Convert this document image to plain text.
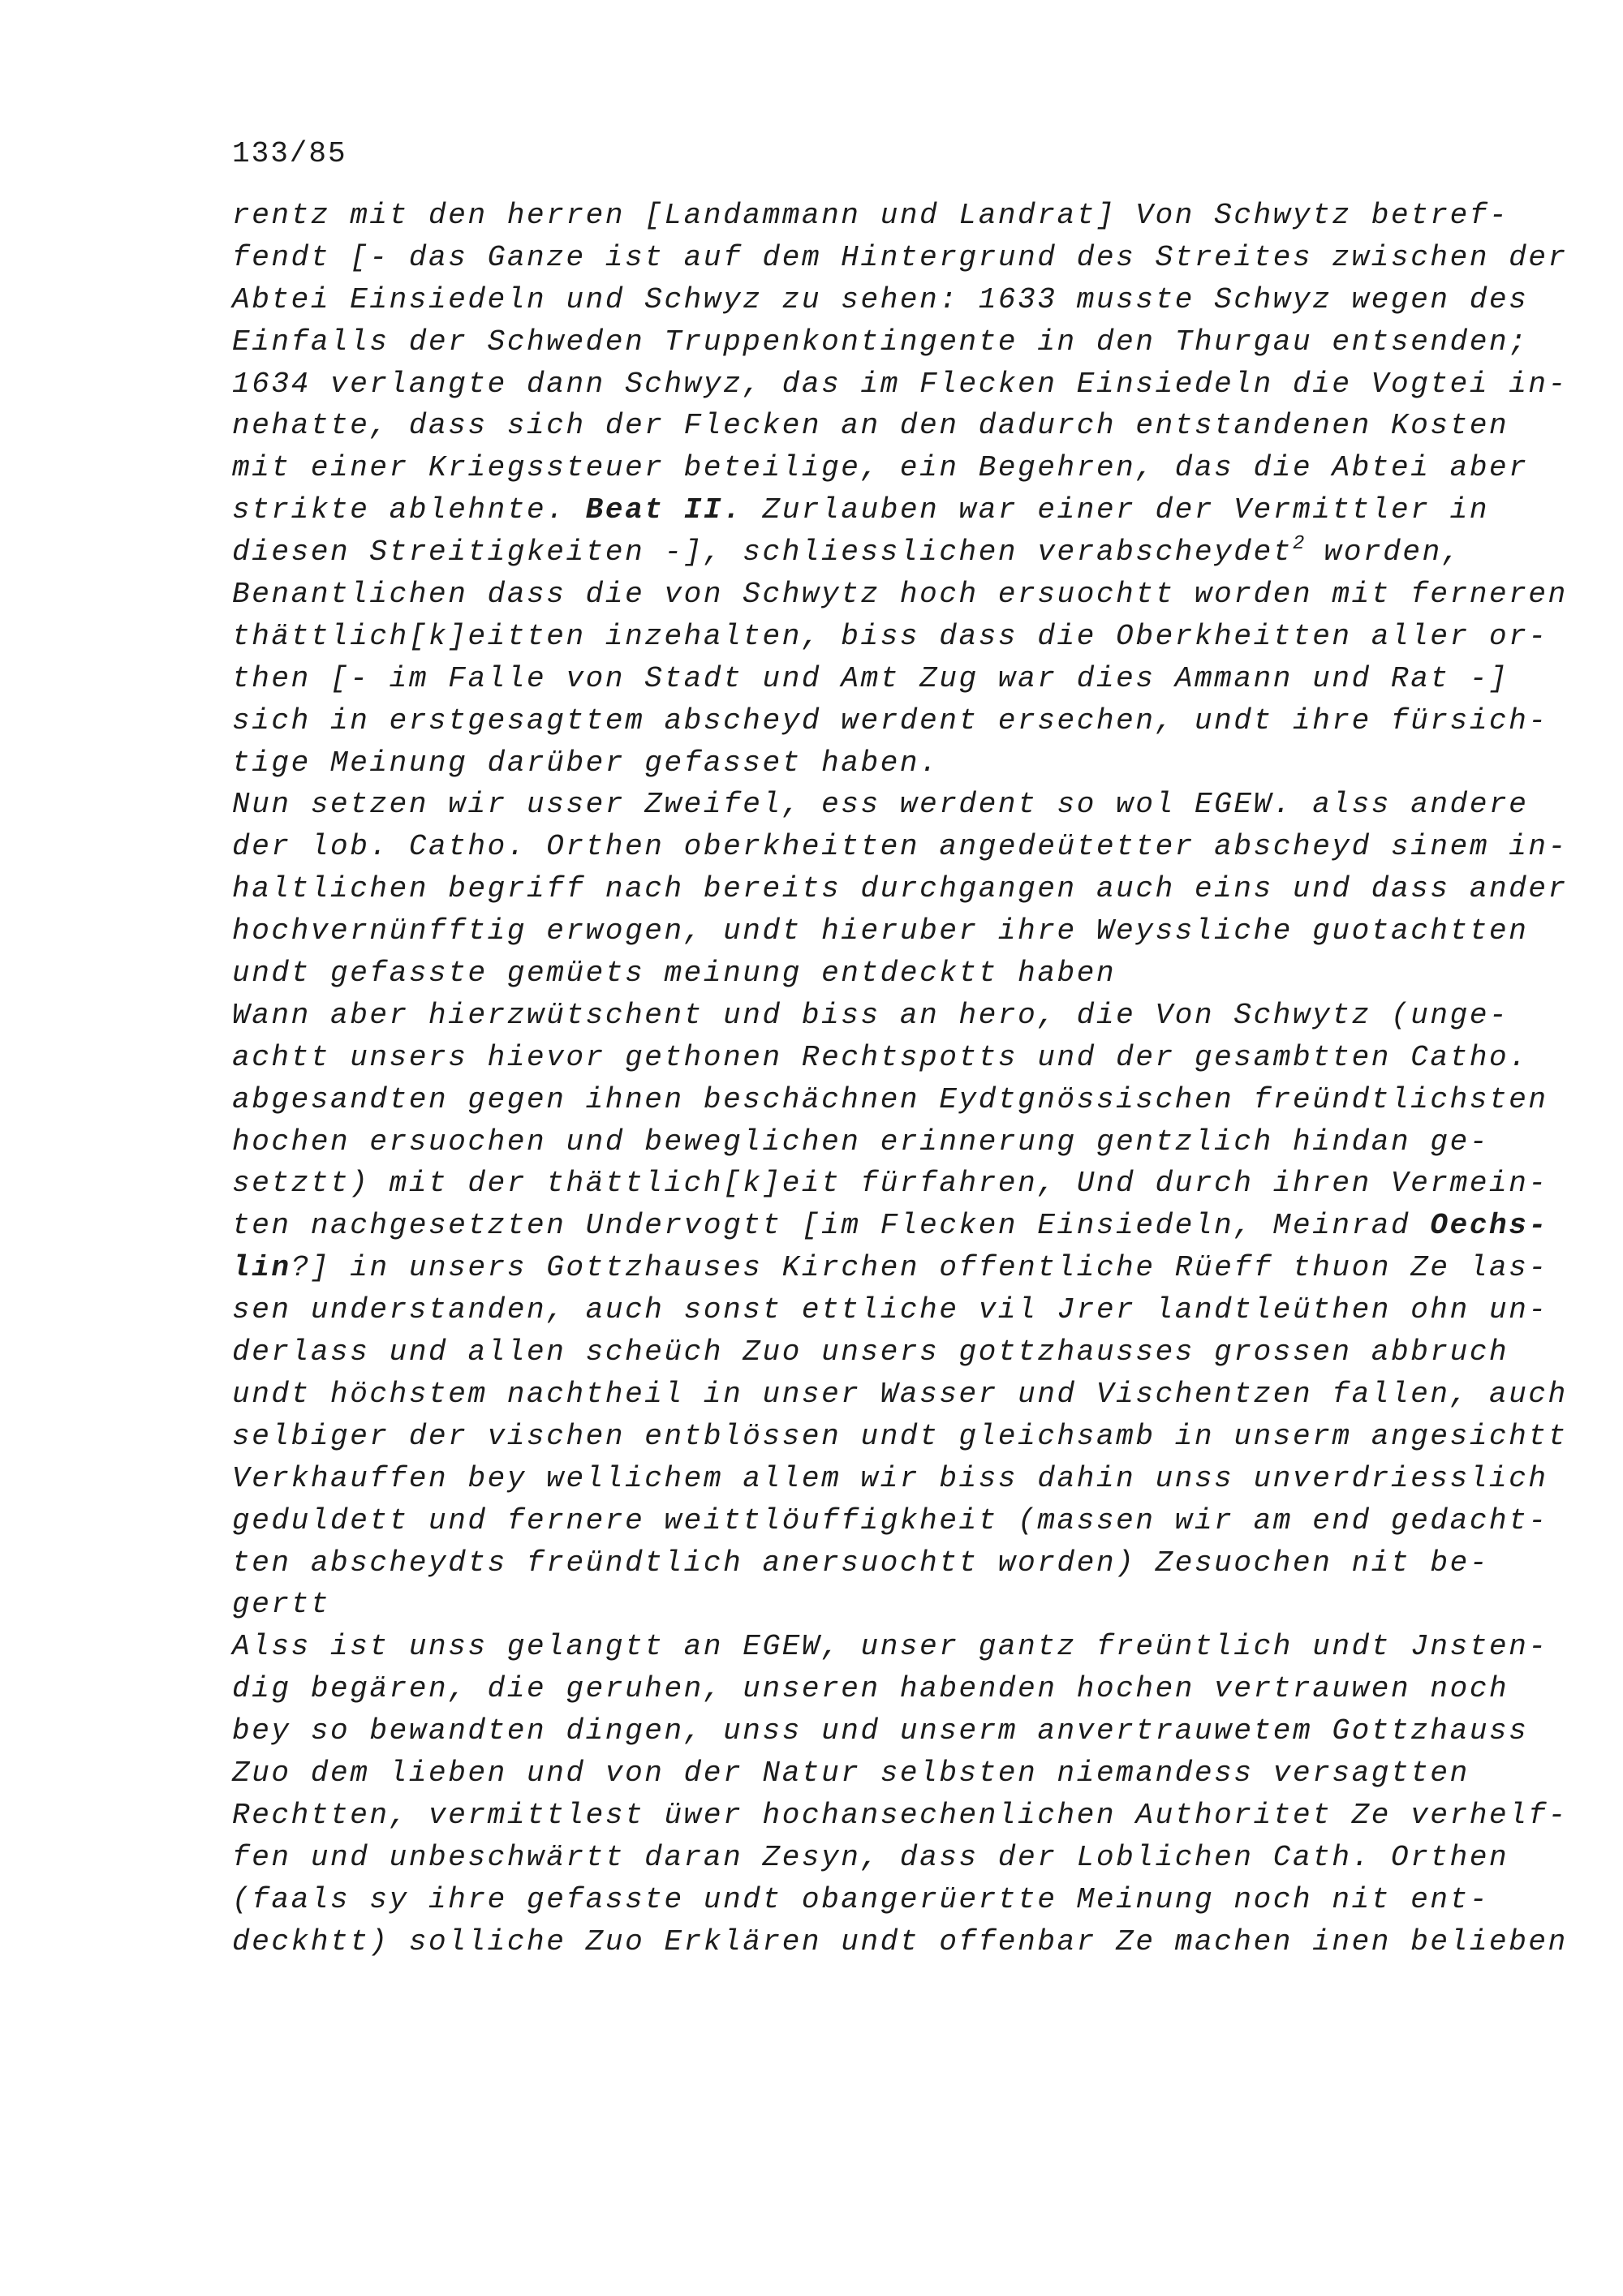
133/85
rentz mit den herren [Landammann und Landrat] Von Schwytz betref-
fendt [- das Ganze ist auf dem Hintergrund des Streites zwischen der
Abtei Einsiedeln und Schwyz zu sehen: 1633 musste Schwyz wegen des
Einfalls der Schweden Truppenkontingente in den Thurgau entsenden;
1634 verlangte dann Schwyz, das im Flecken Einsiedeln die Vogtei in-
nehatte, dass sich der Flecken an den dadurch entstandenen Kosten
mit einer Kriegssteuer beteilige, ein Begehren, das die Abtei aber
strikte ablehnte. Beat II. Zurlauben war einer der Vermittler in
diesen Streitigkeiten -], schliesslichen verabscheydet$^2$ worden,
Benantlichen dass die von Schwytz hoch ersuochtt worden mit ferneren
thättlich[k]eitten inzehalten, biss dass die Oberkheitten aller or-
then [- im Falle von Stadt und Amt Zug war dies Ammann und Rat -]
sich in erstgesagttem abscheyd werdent ersechen, undt ihre fürsich-
tige Meinung darüber gefasset haben.
Nun setzen wir usser Zweifel, ess werdent so wol EGEW. alss andere
der lob. Catho. Orthen oberkheitten angedeütetter abscheyd sinem in-
haltlichen begriff nach bereits durchgangen auch eins und dass ander
hochvernünfftig erwogen, undt hieruber ihre Weyssliche guotachtten
undt gefasste gemüets meinung entdecktt haben
Wann aber hierzwütschent und biss an hero, die Von Schwytz (unge-
achtt unsers hievor gethonen Rechtspotts und der gesambtten Catho.
abgesandten gegen ihnen beschächnen Eydtgnössischen freündtlichsten
hochen ersuochen und beweglichen erinnerung gentzlich hindan ge-
setztt) mit der thättlich[k]eit fürfahren, Und durch ihren Vermein-
ten nachgesetzten Undervogtt [im Flecken Einsiedeln, Meinrad Oechs-
lin?] in unsers Gottzhauses Kirchen offentliche Rüeff thuon Ze las-
sen understanden, auch sonst ettliche vil Jrer landtleüthen ohn un-
derlass und allen scheüch Zuo unsers gottzhausses grossen abbruch
undt höchstem nachtheil in unser Wasser und Vischentzen fallen, auch
selbiger der vischen entblössen undt gleichsamb in unserm angesichtt
Verkhauffen bey wellichem allem wir biss dahin unss unverdriesslich
geduldett und fernere weittlöuffigkheit (massen wir am end gedacht-
ten abscheydts freündtlich anersuochtt worden) Zesuochen nit be-
gertt
Alss ist unss gelangtt an EGEW, unser gantz freüntlich undt Jnsten-
dig begären, die geruhen, unseren habenden hochen vertrauwen noch
bey so bewandten dingen, unss und unserm anvertrauwetem Gottzhauss
Zuo dem lieben und von der Natur selbsten niemandess versagtten
Rechtten, vermittlest üwer hochansechenlichen Authoritet Ze verhelf-
fen und unbeschwärtt daran Zesyn, dass der Loblichen Cath. Orthen
(faals sy ihre gefasste undt obangerüertte Meinung noch nit ent-
deckhtt) solliche Zuo Erklären undt offenbar Ze machen inen belieben
